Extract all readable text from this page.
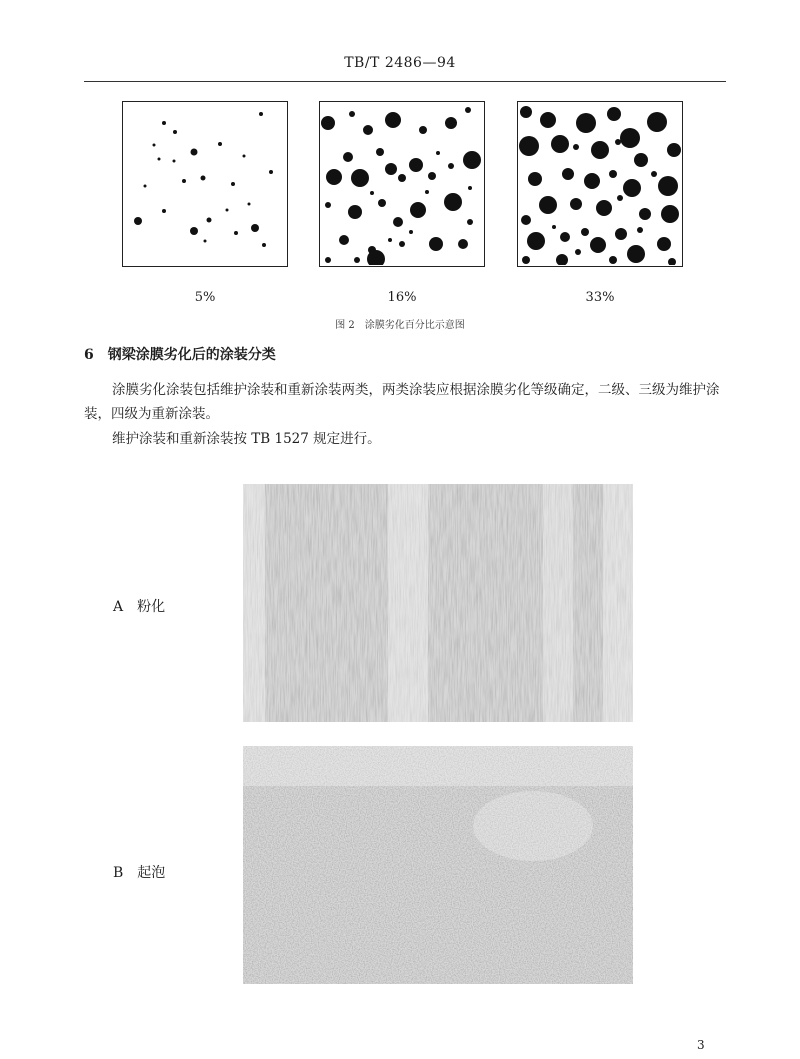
TB/T 2486—94
5%	16%	33%
图 2　涂膜劣化百分比示意图
6 钢梁涂膜劣化后的涂装分类
涂膜劣化涂装包括维护涂装和重新涂装两类，两类涂装应根据涂膜劣化等级确定，二级、三级为维护涂装，四级为重新涂装。
维护涂装和重新涂装按 TB 1527 规定进行。
A 粉化
B 起泡
3
